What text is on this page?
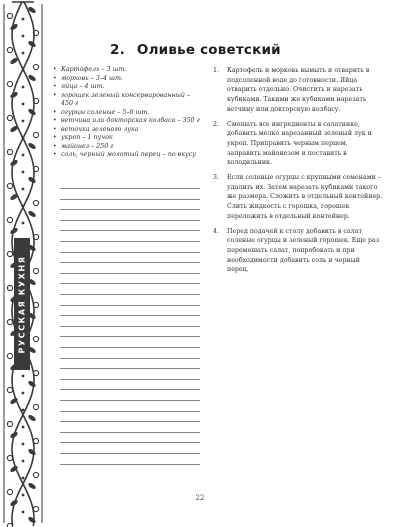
РУССКАЯ КУХНЯ
2. Оливье советский
• Картофель – 3 шт.
• морковь – 3–4 шт.
• яйца – 4 шт.
• горошек зеленый консервированный – 450 г
• огурцы соленые – 5–6 шт.
• ветчина или докторская колбаса – 350 г
• веточка зеленого лука
• укроп – 1 пучок
• майонез – 250 г
• соль, черный молотый перец – по вкусу
1. Картофель и морковь вымыть и отварить в подсоленной воде до готовности. Яйца отварить отдельно. Очистить и нарезать кубиками. Такими же кубиками нарезать ветчину или докторскую колбасу.
2. Смешать все ингредиенты в салатнике, добавить мелко нарезанный зеленый лук и укроп. Приправить черным перцем, заправить майонезом и поставить в холодильник.
3. Если соленые огурцы с крупными семенами – удалить их. Затем нарезать кубиками такого же размера. Сложить в отдельный контейнер. Слить жидкость с горошка, горошек переложить в отдельный контейнер.
4. Перед подачей к столу добавить в салат соленые огурцы и зеленый горошек. Еще раз перемешать салат, попробовать и при необходимости добавить соль и черный перец.
22
